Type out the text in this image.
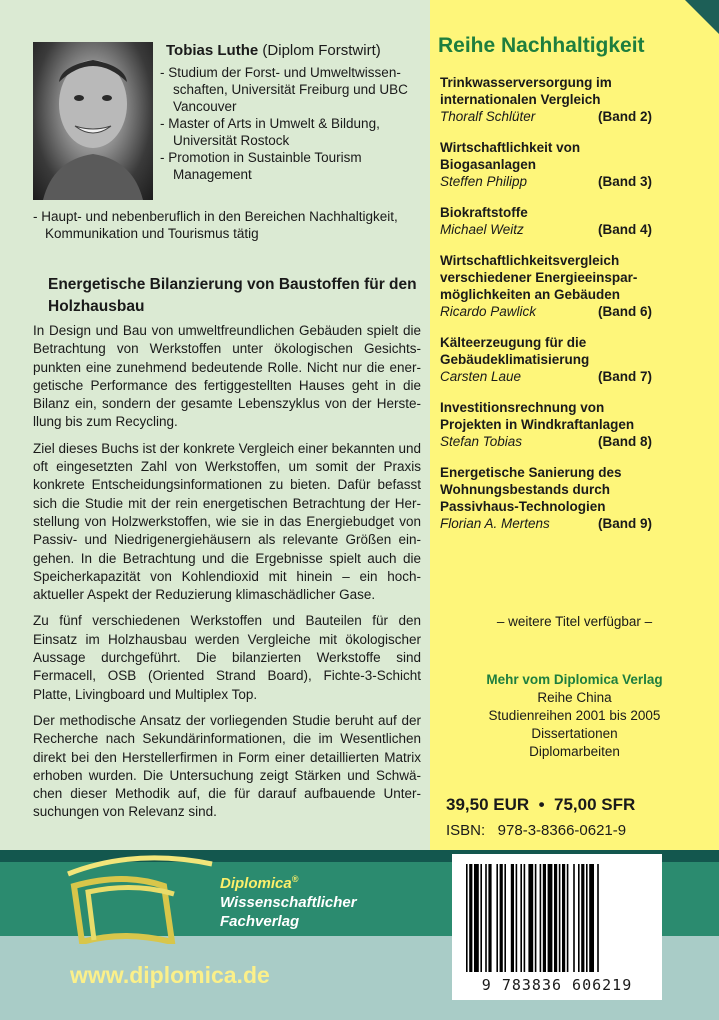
Tobias Luthe (Diplom Forstwirt)
- Studium der Forst- und Umweltwissen- schaften, Universität Freiburg und UBC Vancouver
- Master of Arts in Umwelt & Bildung, Universität Rostock
- Promotion in Sustainble Tourism Management
- Haupt- und nebenberuflich in den Bereichen Nachhaltigkeit, Kommunikation und Tourismus tätig
Energetische Bilanzierung von Baustoffen für den Holzhausbau

In Design und Bau von umweltfreundlichen Gebäuden spielt die Betrachtung von Werkstoffen unter ökologischen Gesichts- punkten eine zunehmend bedeutende Rolle. Nicht nur die ener- getische Performance des fertiggestellten Hauses geht in die Bilanz ein, sondern der gesamte Lebenszyklus von der Herste- llung bis zum Recycling.

Ziel dieses Buchs ist der konkrete Vergleich einer bekannten und oft eingesetzten Zahl von Werkstoffen, um somit der Praxis konkrete Entscheidungsinformationen zu bieten. Dafür befasst sich die Studie mit der rein energetischen Betrachtung der Her- stellung von Holzwerkstoffen, wie sie in das Energiebudget von Passiv- und Niedrigenergiehäusern als relevante Größen ein- gehen. In die Betrachtung und die Ergebnisse spielt auch die Speicherkapazität von Kohlendioxid mit hinein – ein hoch- aktueller Aspekt der Reduzierung klimaschädlicher Gase.

Zu fünf verschiedenen Werkstoffen und Bauteilen für den Einsatz im Holzhausbau werden Vergleiche mit ökologischer Aussage durchgeführt. Die bilanzierten Werkstoffe sind Fermacell, OSB (Oriented Strand Board), Fichte-3-Schicht Platte, Livingboard und Multiplex Top.

Der methodische Ansatz der vorliegenden Studie beruht auf der Recherche nach Sekundärinformationen, die im Wesentlichen direkt bei den Herstellerfirmen in Form einer detaillierten Matrix erhoben wurden. Die Untersuchung zeigt Stärken und Schwä- chen dieser Methodik auf, die für darauf aufbauende Unter- suchungen von Relevanz sind.

Reihe Nachhaltigkeit
Trinkwasserversorgung im internationalen Vergleich
Thoralf Schlüter	(Band 2)
Wirtschaftlichkeit von Biogasanlagen
Steffen Philipp	(Band 3)
Biokraftstoffe
Michael Weitz	(Band 4)
Wirtschaftlichkeitsvergleich verschiedener Energieeinspar- möglichkeiten an Gebäuden
Ricardo Pawlick	(Band 6)
Kälteerzeugung für die Gebäudeklimatisierung
Carsten Laue	(Band 7)
Investitionsrechnung von Projekten in Windkraftanlagen
Stefan Tobias	(Band 8)
Energetische Sanierung des Wohnungsbestands durch Passivhaus-Technologien
Florian A. Mertens	(Band 9)
– weitere Titel verfügbar –
Mehr vom Diplomica Verlag
Reihe China
Studienreihen 2001 bis 2005
Dissertationen
Diplomarbeiten
39,50 EUR  •  75,00 SFR
ISBN:   978-3-8366-0621-9
Diplomica®
Wissenschaftlicher
Fachverlag
www.diplomica.de	9 783836 606219
